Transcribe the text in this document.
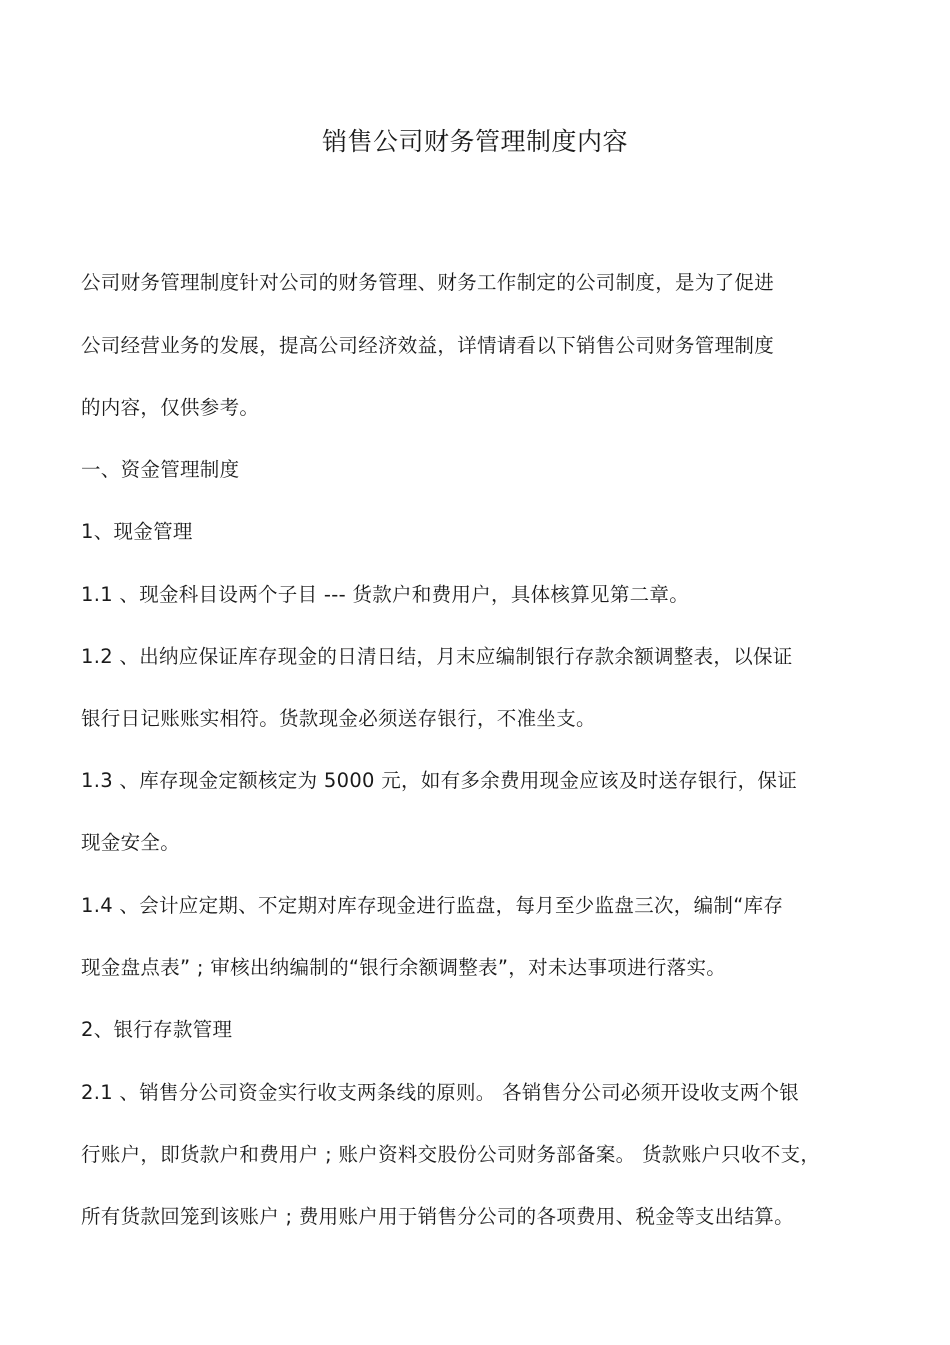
销售公司财务管理制度内容
公司财务管理制度针对公司的财务管理、财务工作制定的公司制度，是为了促进
公司经营业务的发展，提高公司经济效益，详情请看以下销售公司财务管理制度
的内容，仅供参考。
一、资金管理制度
1、现金管理
1.1 、现金科目设两个子目 --- 货款户和费用户，具体核算见第二章。
1.2 、出纳应保证库存现金的日清日结，月末应编制银行存款余额调整表，以保证
银行日记账账实相符。货款现金必须送存银行，不准坐支。
1.3 、库存现金定额核定为 5000 元，如有多余费用现金应该及时送存银行，保证
现金安全。
1.4 、会计应定期、不定期对库存现金进行监盘，每月至少监盘三次，编制“库存
现金盘点表” ; 审核出纳编制的“银行余额调整表”，对未达事项进行落实。
2、银行存款管理
2.1 、销售分公司资金实行收支两条线的原则。 各销售分公司必须开设收支两个银
行账户，即货款户和费用户 ; 账户资料交股份公司财务部备案。 货款账户只收不支，
所有货款回笼到该账户 ; 费用账户用于销售分公司的各项费用、税金等支出结算。
